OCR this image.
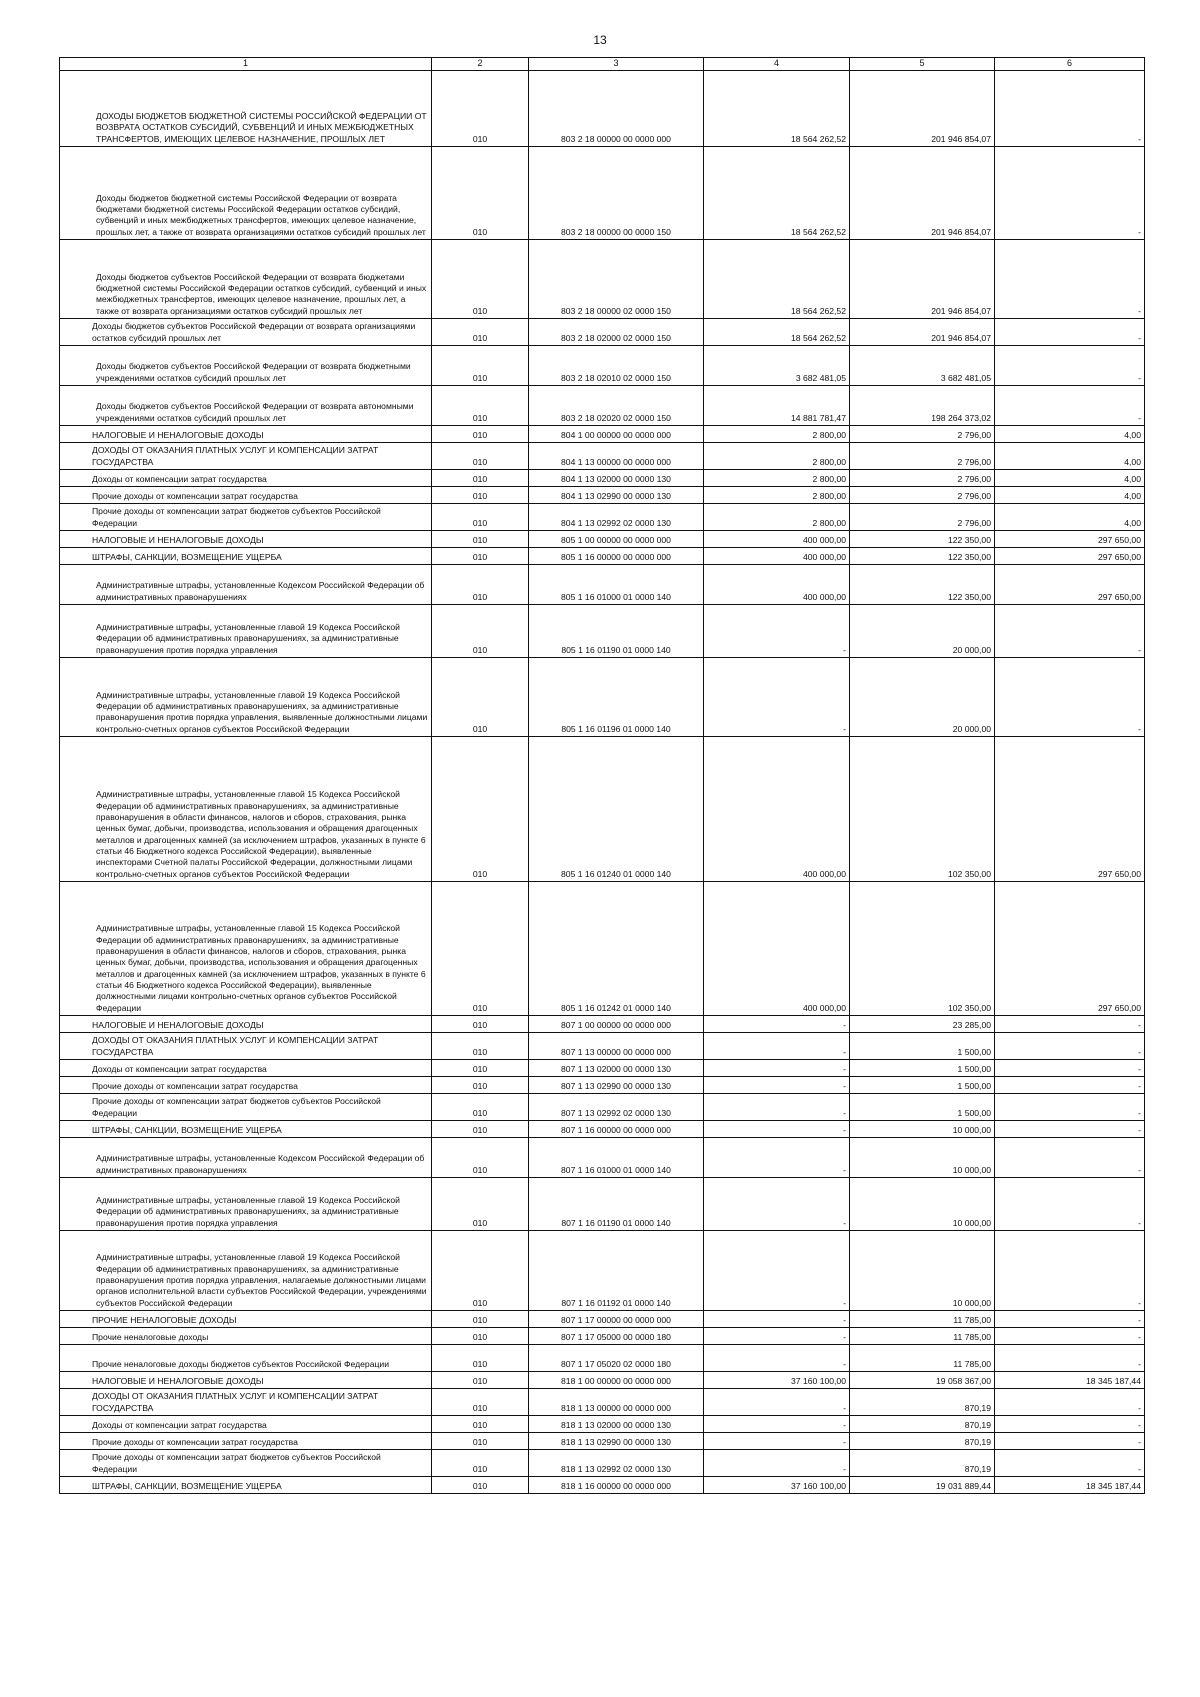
13
1	2	3	4	5	6
ДОХОДЫ БЮДЖЕТОВ БЮДЖЕТНОЙ СИСТЕМЫ РОССИЙСКОЙ ФЕДЕРАЦИИ ОТ ВОЗВРАТА ОСТАТКОВ СУБСИДИЙ, СУБВЕНЦИЙ И ИНЫХ МЕЖБЮДЖЕТНЫХ ТРАНСФЕРТОВ, ИМЕЮЩИХ ЦЕЛЕВОЕ НАЗНАЧЕНИЕ, ПРОШЛЫХ ЛЕТ	010	803 2 18 00000 00 0000 000	18 564 262,52	201 946 854,07	-
Доходы бюджетов бюджетной системы Российской Федерации от возврата бюджетами бюджетной системы Российской Федерации остатков субсидий, субвенций и иных межбюджетных трансфертов, имеющих целевое назначение, прошлых лет, а также от возврата организациями остатков субсидий прошлых лет	010	803 2 18 00000 00 0000 150	18 564 262,52	201 946 854,07	-
Доходы бюджетов субъектов Российской Федерации от возврата бюджетами бюджетной системы Российской Федерации остатков субсидий, субвенций и иных межбюджетных трансфертов, имеющих целевое назначение, прошлых лет, а также от возврата организациями остатков субсидий прошлых лет	010	803 2 18 00000 02 0000 150	18 564 262,52	201 946 854,07	-
Доходы бюджетов субъектов Российской Федерации от возврата организациями остатков субсидий прошлых лет	010	803 2 18 02000 02 0000 150	18 564 262,52	201 946 854,07	-
Доходы бюджетов субъектов Российской Федерации от возврата бюджетными учреждениями остатков субсидий прошлых лет	010	803 2 18 02010 02 0000 150	3 682 481,05	3 682 481,05	-
Доходы бюджетов субъектов Российской Федерации от возврата автономными учреждениями остатков субсидий прошлых лет	010	803 2 18 02020 02 0000 150	14 881 781,47	198 264 373,02	-
НАЛОГОВЫЕ И НЕНАЛОГОВЫЕ ДОХОДЫ	010	804 1 00 00000 00 0000 000	2 800,00	2 796,00	4,00
ДОХОДЫ ОТ ОКАЗАНИЯ ПЛАТНЫХ УСЛУГ И КОМПЕНСАЦИИ ЗАТРАТ ГОСУДАРСТВА	010	804 1 13 00000 00 0000 000	2 800,00	2 796,00	4,00
Доходы от компенсации затрат государства	010	804 1 13 02000 00 0000 130	2 800,00	2 796,00	4,00
Прочие доходы от компенсации затрат государства	010	804 1 13 02990 00 0000 130	2 800,00	2 796,00	4,00
Прочие доходы от компенсации затрат бюджетов субъектов Российской Федерации	010	804 1 13 02992 02 0000 130	2 800,00	2 796,00	4,00
НАЛОГОВЫЕ И НЕНАЛОГОВЫЕ ДОХОДЫ	010	805 1 00 00000 00 0000 000	400 000,00	122 350,00	297 650,00
ШТРАФЫ, САНКЦИИ, ВОЗМЕЩЕНИЕ УЩЕРБА	010	805 1 16 00000 00 0000 000	400 000,00	122 350,00	297 650,00
Административные штрафы, установленные Кодексом Российской Федерации об административных правонарушениях	010	805 1 16 01000 01 0000 140	400 000,00	122 350,00	297 650,00
Административные штрафы, установленные главой 19 Кодекса Российской Федерации об административных правонарушениях, за административные правонарушения против порядка управления	010	805 1 16 01190 01 0000 140	-	20 000,00	-
Административные штрафы, установленные главой 19 Кодекса Российской Федерации об административных правонарушениях, за административные правонарушения против порядка управления, выявленные должностными лицами контрольно-счетных органов субъектов Российской Федерации	010	805 1 16 01196 01 0000 140	-	20 000,00	-
Административные штрафы, установленные главой 15 Кодекса Российской Федерации об административных правонарушениях, за административные правонарушения в области финансов, налогов и сборов, страхования, рынка ценных бумаг, добычи, производства, использования и обращения драгоценных металлов и драгоценных камней (за исключением штрафов, указанных в пункте 6 статьи 46 Бюджетного кодекса Российской Федерации), выявленные инспекторами Счетной палаты Российской Федерации, должностными лицами контрольно-счетных органов субъектов Российской Федерации	010	805 1 16 01240 01 0000 140	400 000,00	102 350,00	297 650,00
Административные штрафы, установленные главой 15 Кодекса Российской Федерации об административных правонарушениях, за административные правонарушения в области финансов, налогов и сборов, страхования, рынка ценных бумаг, добычи, производства, использования и обращения драгоценных металлов и драгоценных камней (за исключением штрафов, указанных в пункте 6 статьи 46 Бюджетного кодекса Российской Федерации), выявленные должностными лицами контрольно-счетных органов субъектов Российской Федерации	010	805 1 16 01242 01 0000 140	400 000,00	102 350,00	297 650,00
НАЛОГОВЫЕ И НЕНАЛОГОВЫЕ ДОХОДЫ	010	807 1 00 00000 00 0000 000	-	23 285,00	-
ДОХОДЫ ОТ ОКАЗАНИЯ ПЛАТНЫХ УСЛУГ И КОМПЕНСАЦИИ ЗАТРАТ ГОСУДАРСТВА	010	807 1 13 00000 00 0000 000	-	1 500,00	-
Доходы от компенсации затрат государства	010	807 1 13 02000 00 0000 130	-	1 500,00	-
Прочие доходы от компенсации затрат государства	010	807 1 13 02990 00 0000 130	-	1 500,00	-
Прочие доходы от компенсации затрат бюджетов субъектов Российской Федерации	010	807 1 13 02992 02 0000 130	-	1 500,00	-
ШТРАФЫ, САНКЦИИ, ВОЗМЕЩЕНИЕ УЩЕРБА	010	807 1 16 00000 00 0000 000	-	10 000,00	-
Административные штрафы, установленные Кодексом Российской Федерации об административных правонарушениях	010	807 1 16 01000 01 0000 140	-	10 000,00	-
Административные штрафы, установленные главой 19 Кодекса Российской Федерации об административных правонарушениях, за административные правонарушения против порядка управления	010	807 1 16 01190 01 0000 140	-	10 000,00	-
Административные штрафы, установленные главой 19 Кодекса Российской Федерации об административных правонарушениях, за административные правонарушения против порядка управления, налагаемые должностными лицами органов исполнительной власти субъектов Российской Федерации, учреждениями субъектов Российской Федерации	010	807 1 16 01192 01 0000 140	-	10 000,00	-
ПРОЧИЕ НЕНАЛОГОВЫЕ ДОХОДЫ	010	807 1 17 00000 00 0000 000	-	11 785,00	-
Прочие неналоговые доходы	010	807 1 17 05000 00 0000 180	-	11 785,00	-
Прочие неналоговые доходы бюджетов субъектов Российской Федерации	010	807 1 17 05020 02 0000 180	-	11 785,00	-
НАЛОГОВЫЕ И НЕНАЛОГОВЫЕ ДОХОДЫ	010	818 1 00 00000 00 0000 000	37 160 100,00	19 058 367,00	18 345 187,44
ДОХОДЫ ОТ ОКАЗАНИЯ ПЛАТНЫХ УСЛУГ И КОМПЕНСАЦИИ ЗАТРАТ ГОСУДАРСТВА	010	818 1 13 00000 00 0000 000	-	870,19	-
Доходы от компенсации затрат государства	010	818 1 13 02000 00 0000 130	-	870,19	-
Прочие доходы от компенсации затрат государства	010	818 1 13 02990 00 0000 130	-	870,19	-
Прочие доходы от компенсации затрат бюджетов субъектов Российской Федерации	010	818 1 13 02992 02 0000 130	-	870,19	-
ШТРАФЫ, САНКЦИИ, ВОЗМЕЩЕНИЕ УЩЕРБА	010	818 1 16 00000 00 0000 000	37 160 100,00	19 031 889,44	18 345 187,44
